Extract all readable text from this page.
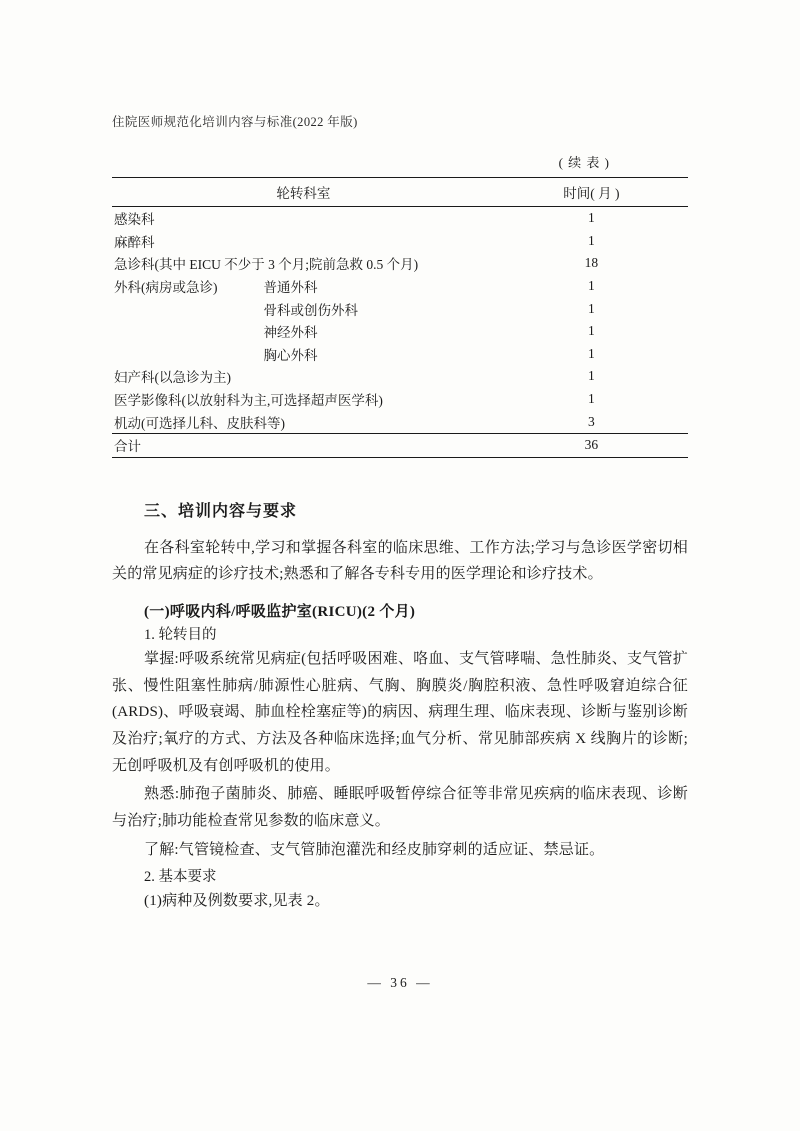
住院医师规范化培训内容与标准(2022 年版)
( 续 表 )
轮转科室		时间( 月 )
感染科		1
麻醉科		1
急诊科(其中 EICU 不少于 3 个月;院前急救 0.5 个月)		18
外科(病房或急诊)	普通外科	1
	骨科或创伤外科	1
	神经外科	1
	胸心外科	1
妇产科(以急诊为主)		1
医学影像科(以放射科为主,可选择超声医学科)		1
机动(可选择儿科、皮肤科等)		3
合计		36
三、培训内容与要求

在各科室轮转中,学习和掌握各科室的临床思维、工作方法;学习与急诊医学密切相关的常见病症的诊疗技术;熟悉和了解各专科专用的医学理论和诊疗技术。

(一)呼吸内科/呼吸监护室(RICU)(2 个月)

1. 轮转目的

掌握:呼吸系统常见病症(包括呼吸困难、咯血、支气管哮喘、急性肺炎、支气管扩张、慢性阻塞性肺病/肺源性心脏病、气胸、胸膜炎/胸腔积液、急性呼吸窘迫综合征(ARDS)、呼吸衰竭、肺血栓栓塞症等)的病因、病理生理、临床表现、诊断与鉴别诊断及治疗;氧疗的方式、方法及各种临床选择;血气分析、常见肺部疾病 X 线胸片的诊断;无创呼吸机及有创呼吸机的使用。

熟悉:肺孢子菌肺炎、肺癌、睡眠呼吸暂停综合征等非常见疾病的临床表现、诊断与治疗;肺功能检查常见参数的临床意义。

了解:气管镜检查、支气管肺泡灌洗和经皮肺穿刺的适应证、禁忌证。

2. 基本要求

(1)病种及例数要求,见表 2。

— 36 —
